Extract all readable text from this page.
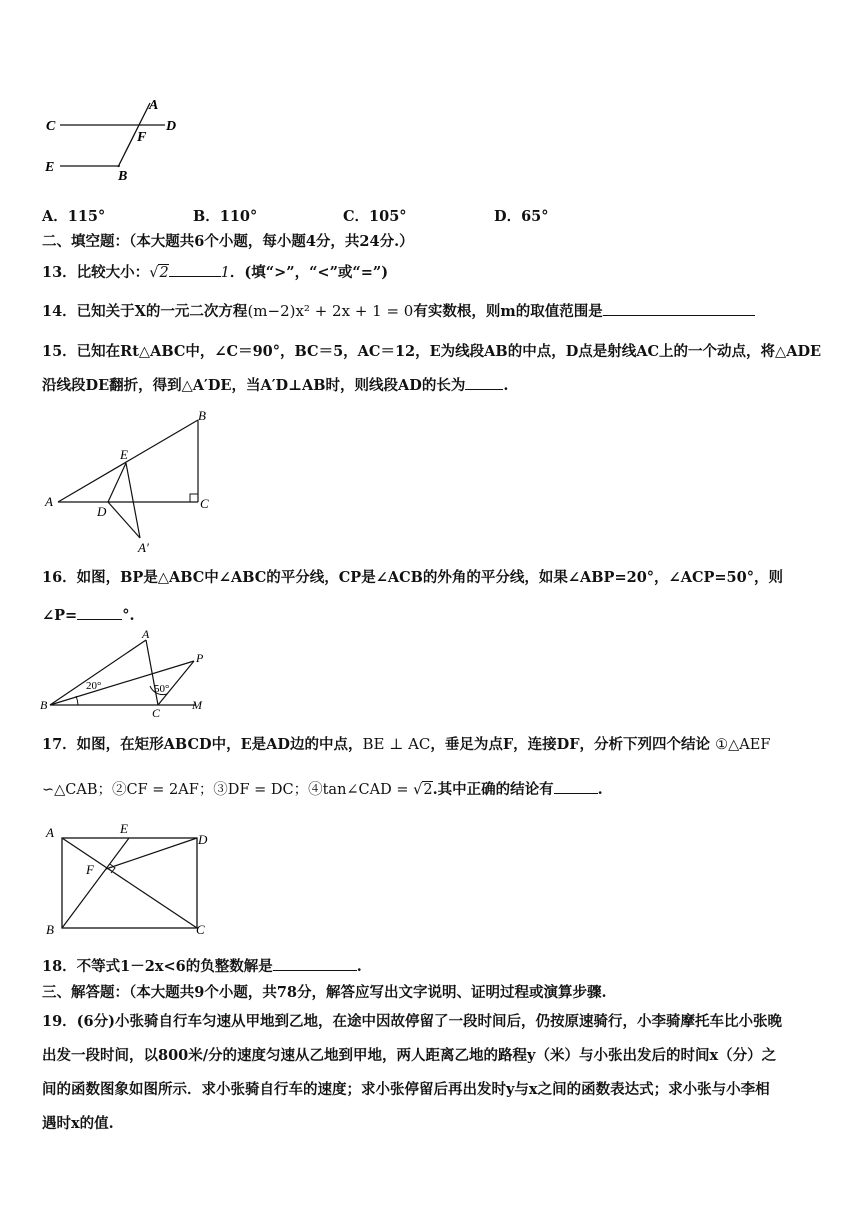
A
C	D
F
E
B
A．115°	B．110°	C．105°	D．65°
二、填空题：（本大题共6个小题，每小题4分，共24分.）
13．比较大小：√2	1．(填“>”，“<”或“=”)
14．已知关于X的一元二次方程(m−2)x² + 2x + 1 = 0有实数根，则m的取值范围是
15．已知在Rt△ABC中，∠C＝90°，BC＝5，AC＝12，E为线段AB的中点，D点是射线AC上的一个动点，将△ADE
沿线段DE翻折，得到△A′DE，当A′D⊥AB时，则线段AD的长为	.
B
E
A
D
C
A′
16．如图，BP是△ABC中∠ABC的平分线，CP是∠ACB的外角的平分线，如果∠ABP=20°，∠ACP=50°，则
∠P=	°.
A
P
20°	50°
B
C
M
17．如图，在矩形ABCD中，E是AD边的中点，BE ⊥ AC，垂足为点F，连接DF，分析下列四个结论 ①△AEF
∽△CAB；②CF = 2AF；③DF = DC；④tan∠CAD = √2.其中正确的结论有	.
A	E
D
F
B	C
18．不等式1－2x<6的负整数解是	.
三、解答题：（本大题共9个小题，共78分，解答应写出文字说明、证明过程或演算步骤.
19．(6分)小张骑自行车匀速从甲地到乙地，在途中因故停留了一段时间后，仍按原速骑行，小李骑摩托车比小张晚
出发一段时间，以800米/分的速度匀速从乙地到甲地，两人距离乙地的路程y（米）与小张出发后的时间x（分）之
间的函数图象如图所示．求小张骑自行车的速度；求小张停留后再出发时y与x之间的函数表达式；求小张与小李相
遇时x的值.
